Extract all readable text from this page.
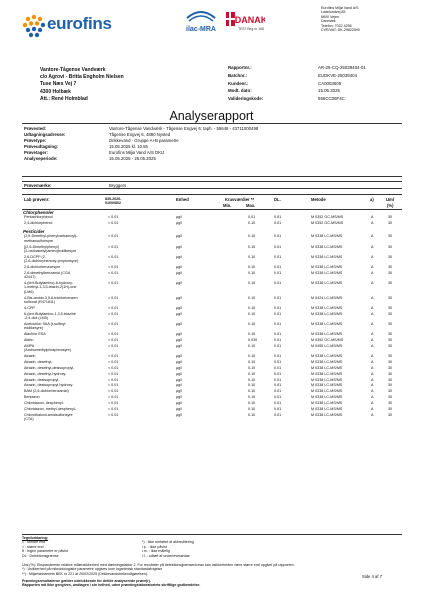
eurofins	ilac-MRA
DANAK
TEST Reg.nr. 168
Eurofins Miljø Vand A/S
Ladelundvej 85
6600 Vejen
Danmark
Telefon: 7022 4256
CVR/VAT: DK-29822590
Vantore-Tågense Vandværk
c/o Agrovi - Britta Engholm Nielsen
Tuse Næs Vej 7
4300 Holbæk
Att.: René Holmblad
Rapportnr.:	AR-25-CQ-25039404-01
Batchnr.:	EUDKVE-25039404
Kundenr.:	CA0003605
Modt. dato:	15.05.2025
Valideringskode:	556CC06F4C
Analyserapport
Prøvested:	Vantore-Tågense Vandværk - Tågense Engvej 6; taph. - 55648 - 43711000498
Udtagningsadresse:	Tågense Engvej 6, 4880 Nysted
Prøvetype:	Drikkevand - Gruppe A+B parametre
Prøveudtagning:	15.05.2025 kl. 10.55
Prøvetager:	Eurofins Miljø Vand A/S DKIJ
Analyseperiode:	15.05.2025 - 26.05.2025
Prøvemærke:	Bryggers
Lab prøvenr:	835-2026-01600802
Enhed	Kravværdier **
Min.	Max.
DL.	Metode	a)	Uml
(%)
Chlorphenoler
Pentachlorphenol	< 0.01	µg/l	0.01	0.01	M 0352 GC-MS/MS	A	30
2,4-dichlorphenol	< 0.01	µg/l	0.10	0.01	M 0352 GC-MS/MS	A	30
Pesticider
(2,6-Dimethyl-phenylcarbamoyl)-
methansulfonsyre
< 0.01	µg/l	0.10	0.01	M 0338 LC-MS/MS	A	30
[(2,6-Dimethylphenyl)
(2-oxdoacetyl)amino]eddikesyre
< 0.01	µg/l	0.10	0.01	M 0338 LC-MS/MS	A	30
2,6-DCPP (2-
(2,6-dichlorphenoxy-propionsyre)
< 0.01	µg/l	0.10	0.01	M 0338 LC-MS/MS	A	30
2,6-dichlorbenzoesyre	< 0.01	µg/l	0.10	0.01	M 0338 LC-MS/MS	A	30
2,6-dimethylbenzamid (CGA
42447)
< 0.01	µg/l	0.10	0.01	M 0338 LC-MS/MS	A	30
4-(tert-Butylamino)-6-hydroxy-
1-methyl-1,3,5-triazin-2(1H)-one
(LM6)
< 0.01	µg/l	0.10	0.01	M 0338 LC-MS/MS	A	30
4-Bis-amido-3,5,6-trichlorbenzen
sulfonat (R471811)
< 0.01	µg/l	0.10	0.01	M 0424 LC-MS/MS	A	30
4-CPP	< 0.01	µg/l	0.10	0.01	M 0338 LC-MS/MS	A	30
6-(tert-Butylamino-1,3,5-triazine
-2,4-diol (LM5)
< 0.01	µg/l	0.10	0.01	M 0338 LC-MS/MS	A	30
Acetochlor SAA (t-sulfinyl
eddikesyre)
< 0.01	µg/l	0.10	0.01	M 0338 LC-MS/MS	A	30
Alachlor ESA	< 0.01	µg/l	0.10	0.01	M 0338 LC-MS/MS	A	30
Aldrin	< 0.01	µg/l	0.030	0.01	M 0352 GC-MS/MS	A	30
AMPA
(Aminomethylphosphonsyre)
< 0.01	µg/l	0.10	0.01	M 0455 LC-MS/MS	A	30
Atrazin	< 0.01	µg/l	0.10	0.01	M 0338 LC-MS/MS	A	30
Atrazin, desethyl-	< 0.01	µg/l	0.10	0.01	M 0338 LC-MS/MS	A	30
Atrazin, desethyl-desisopropyl-	< 0.01	µg/l	0.10	0.01	M 0338 LC-MS/MS	A	30
Atrazin, desethyl-hydroxy-	< 0.01	µg/l	0.10	0.01	M 0338 LC-MS/MS	A	30
Atrazin, desisopropyl-	< 0.01	µg/l	0.10	0.01	M 0338 LC-MS/MS	A	30
Atrazin, desisopropyl-hydroxy-	< 0.01	µg/l	0.10	0.01	M 0338 LC-MS/MS	A	30
BAM (2,6-dichlorbenzamid)	< 0.01	µg/l	0.10	0.01	M 0338 LC-MS/MS	A	30
Bentazon	< 0.01	µg/l	0.10	0.01	M 0338 LC-MS/MS	A	30
Chloridazon, desphenyl-	< 0.01	µg/l	0.10	0.01	M 0338 LC-MS/MS	A	30
Chloridazon, methyl-desphenyl-	< 0.01	µg/l	0.10	0.01	M 0338 LC-MS/MS	A	30
Chlorothalonil-amidsulfonsyre
(CTA)
< 0.01	µg/l	0.10	0.01	M 0338 LC-MS/MS	A	30
Tegnforklaring:
< : Mindre end
> : større end
ft : Ingen parametre er påvist
DL : Detektionsgrænse
*) : Ikke omfattet af akkreditering
i.p. : Ikke påvist
i.m. : Ikke målelig
I.I. : udført af underleverandør
Uml (%): Ekspanderede relative måleusikkerhed med dækningsfaktor 2. For resultater på detektionsgrænseniveau kan usikkerheden være større end opgivet på rapporten.
*) : Usikkerhed på mikrobiologiske parametre opgives som logaritmisk standardafvigelse
**) : Miljøministeriets BEK nr 221 af 20/02/2025 (Drikkevandsbekendtgørelsen).
Prøvningsresultaterne gælder udelukkende for det/de analyserede prøve(r).
Rapporten må ikke gengives, undtagen i sin helhed, uden prøvningslaboratoriets skriftlige godkendelse.
Side 4 af 7
